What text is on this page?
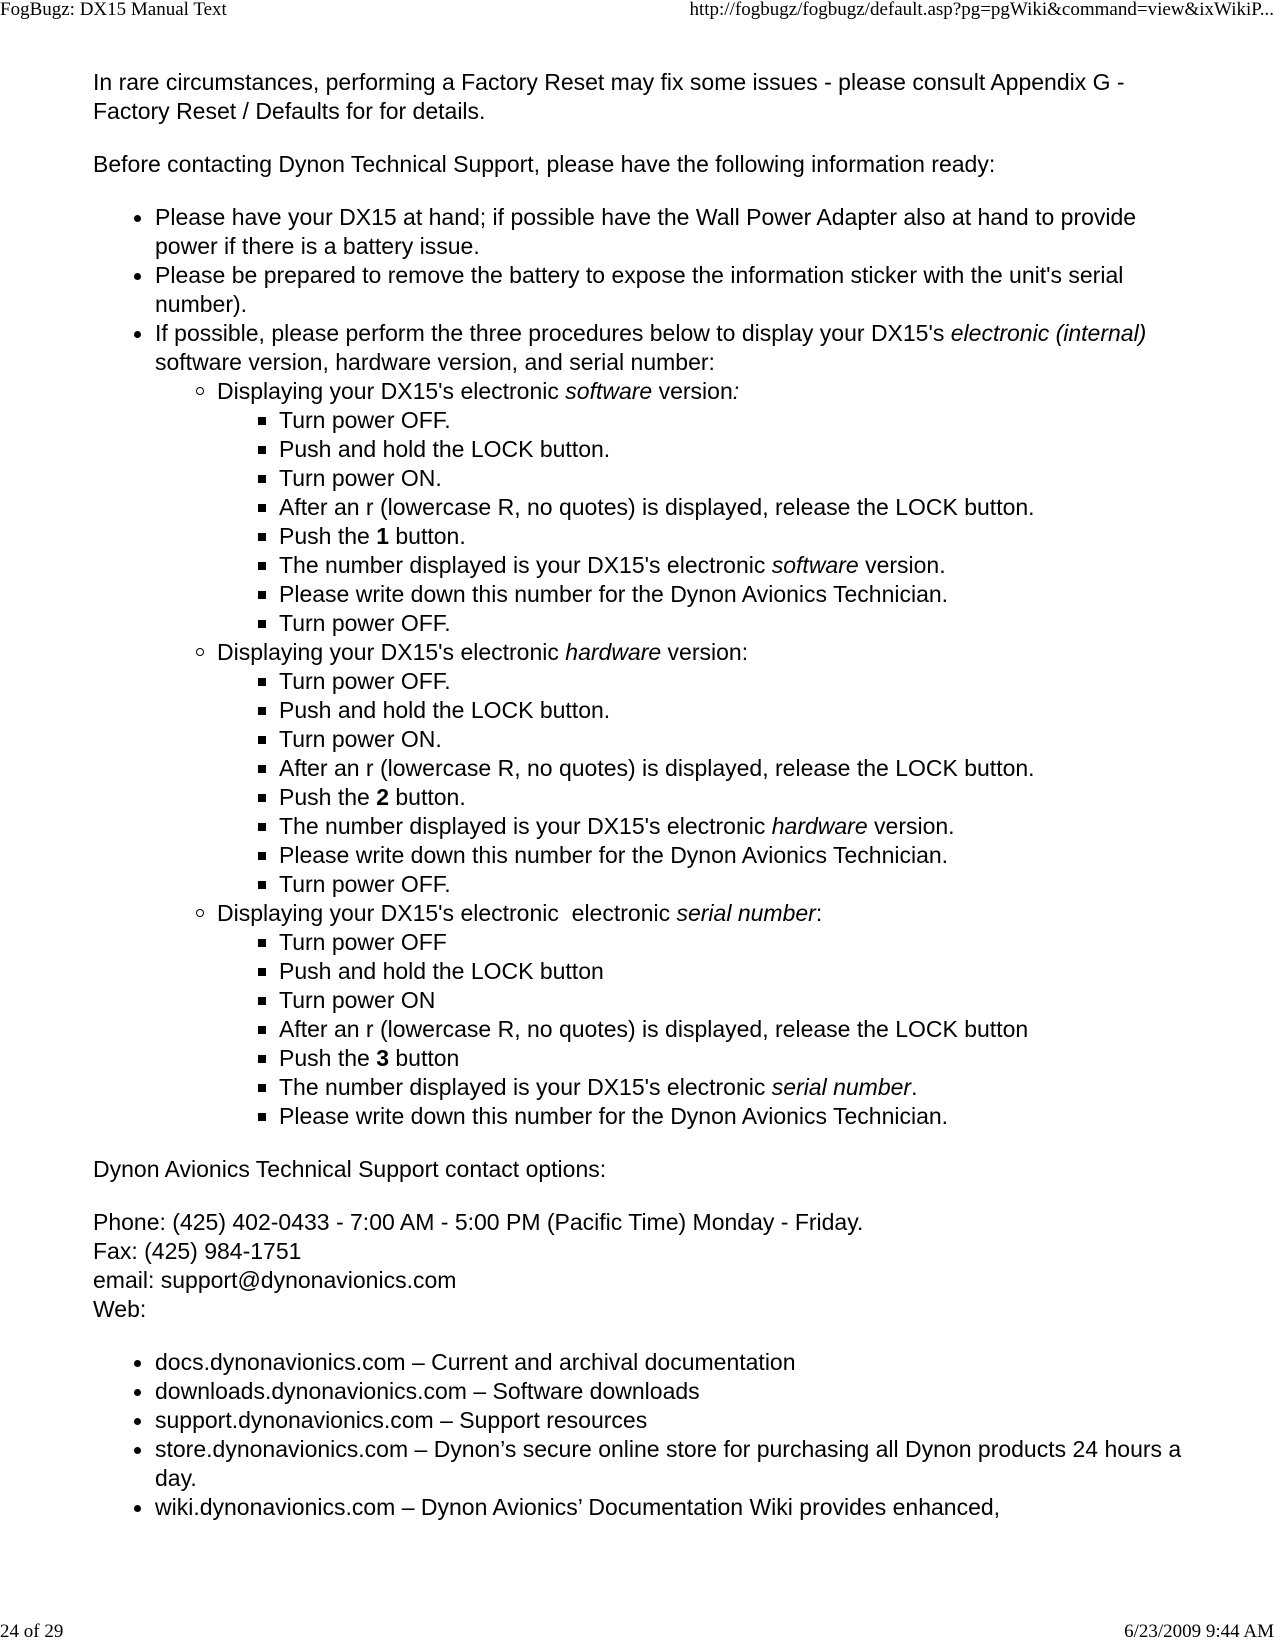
FogBugz: DX15 Manual Text	http://fogbugz/fogbugz/default.asp?pg=pgWiki&command=view&ixWikiP...

In rare circumstances, performing a Factory Reset may fix some issues - please consult Appendix G - Factory Reset / Defaults for for details.

Before contacting Dynon Technical Support, please have the following information ready:

Please have your DX15 at hand; if possible have the Wall Power Adapter also at hand to provide power if there is a battery issue.
Please be prepared to remove the battery to expose the information sticker with the unit's serial number).
If possible, please perform the three procedures below to display your DX15's electronic (internal) software version, hardware version, and serial number:
Displaying your DX15's electronic software version:
Turn power OFF.
Push and hold the LOCK button.
Turn power ON.
After an r (lowercase R, no quotes) is displayed, release the LOCK button.
Push the 1 button.
The number displayed is your DX15's electronic software version.
Please write down this number for the Dynon Avionics Technician.
Turn power OFF.
Displaying your DX15's electronic hardware version:
Turn power OFF.
Push and hold the LOCK button.
Turn power ON.
After an r (lowercase R, no quotes) is displayed, release the LOCK button.
Push the 2 button.
The number displayed is your DX15's electronic hardware version.
Please write down this number for the Dynon Avionics Technician.
Turn power OFF.
Displaying your DX15's electronic  electronic serial number:
Turn power OFF
Push and hold the LOCK button
Turn power ON
After an r (lowercase R, no quotes) is displayed, release the LOCK button
Push the 3 button
The number displayed is your DX15's electronic serial number.
Please write down this number for the Dynon Avionics Technician.

Dynon Avionics Technical Support contact options:

Phone: (425) 402-0433 - 7:00 AM - 5:00 PM (Pacific Time) Monday - Friday.

Fax: (425) 984-1751

email: support@dynonavionics.com

Web:

docs.dynonavionics.com – Current and archival documentation
downloads.dynonavionics.com – Software downloads
support.dynonavionics.com – Support resources
store.dynonavionics.com – Dynon’s secure online store for purchasing all Dynon products 24 hours a day.
wiki.dynonavionics.com – Dynon Avionics’ Documentation Wiki provides enhanced,
24 of 29	6/23/2009 9:44 AM
